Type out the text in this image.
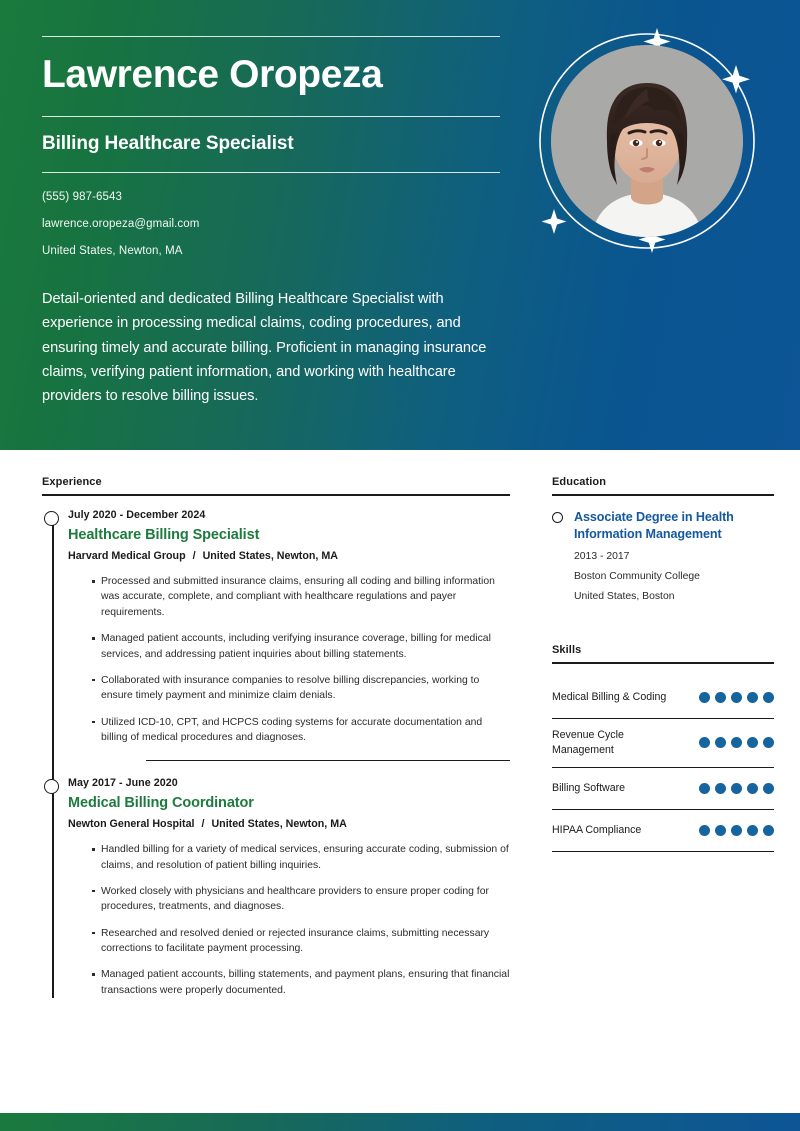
Lawrence Oropeza
Billing Healthcare Specialist
(555) 987-6543
lawrence.oropeza@gmail.com
United States, Newton, MA
Detail-oriented and dedicated Billing Healthcare Specialist with experience in processing medical claims, coding procedures, and ensuring timely and accurate billing. Proficient in managing insurance claims, verifying patient information, and working with healthcare providers to resolve billing issues.
Experience
July 2020 - December 2024
Healthcare Billing Specialist
Harvard Medical Group / United States, Newton, MA
Processed and submitted insurance claims, ensuring all coding and billing information was accurate, complete, and compliant with healthcare regulations and payer requirements.
Managed patient accounts, including verifying insurance coverage, billing for medical services, and addressing patient inquiries about billing statements.
Collaborated with insurance companies to resolve billing discrepancies, working to ensure timely payment and minimize claim denials.
Utilized ICD-10, CPT, and HCPCS coding systems for accurate documentation and billing of medical procedures and diagnoses.
May 2017 - June 2020
Medical Billing Coordinator
Newton General Hospital / United States, Newton, MA
Handled billing for a variety of medical services, ensuring accurate coding, submission of claims, and resolution of patient billing inquiries.
Worked closely with physicians and healthcare providers to ensure proper coding for procedures, treatments, and diagnoses.
Researched and resolved denied or rejected insurance claims, submitting necessary corrections to facilitate payment processing.
Managed patient accounts, billing statements, and payment plans, ensuring that financial transactions were properly documented.
Education
Associate Degree in Health Information Management
2013 - 2017
Boston Community College
United States, Boston
Skills
Medical Billing & Coding
Revenue Cycle Management
Billing Software
HIPAA Compliance
